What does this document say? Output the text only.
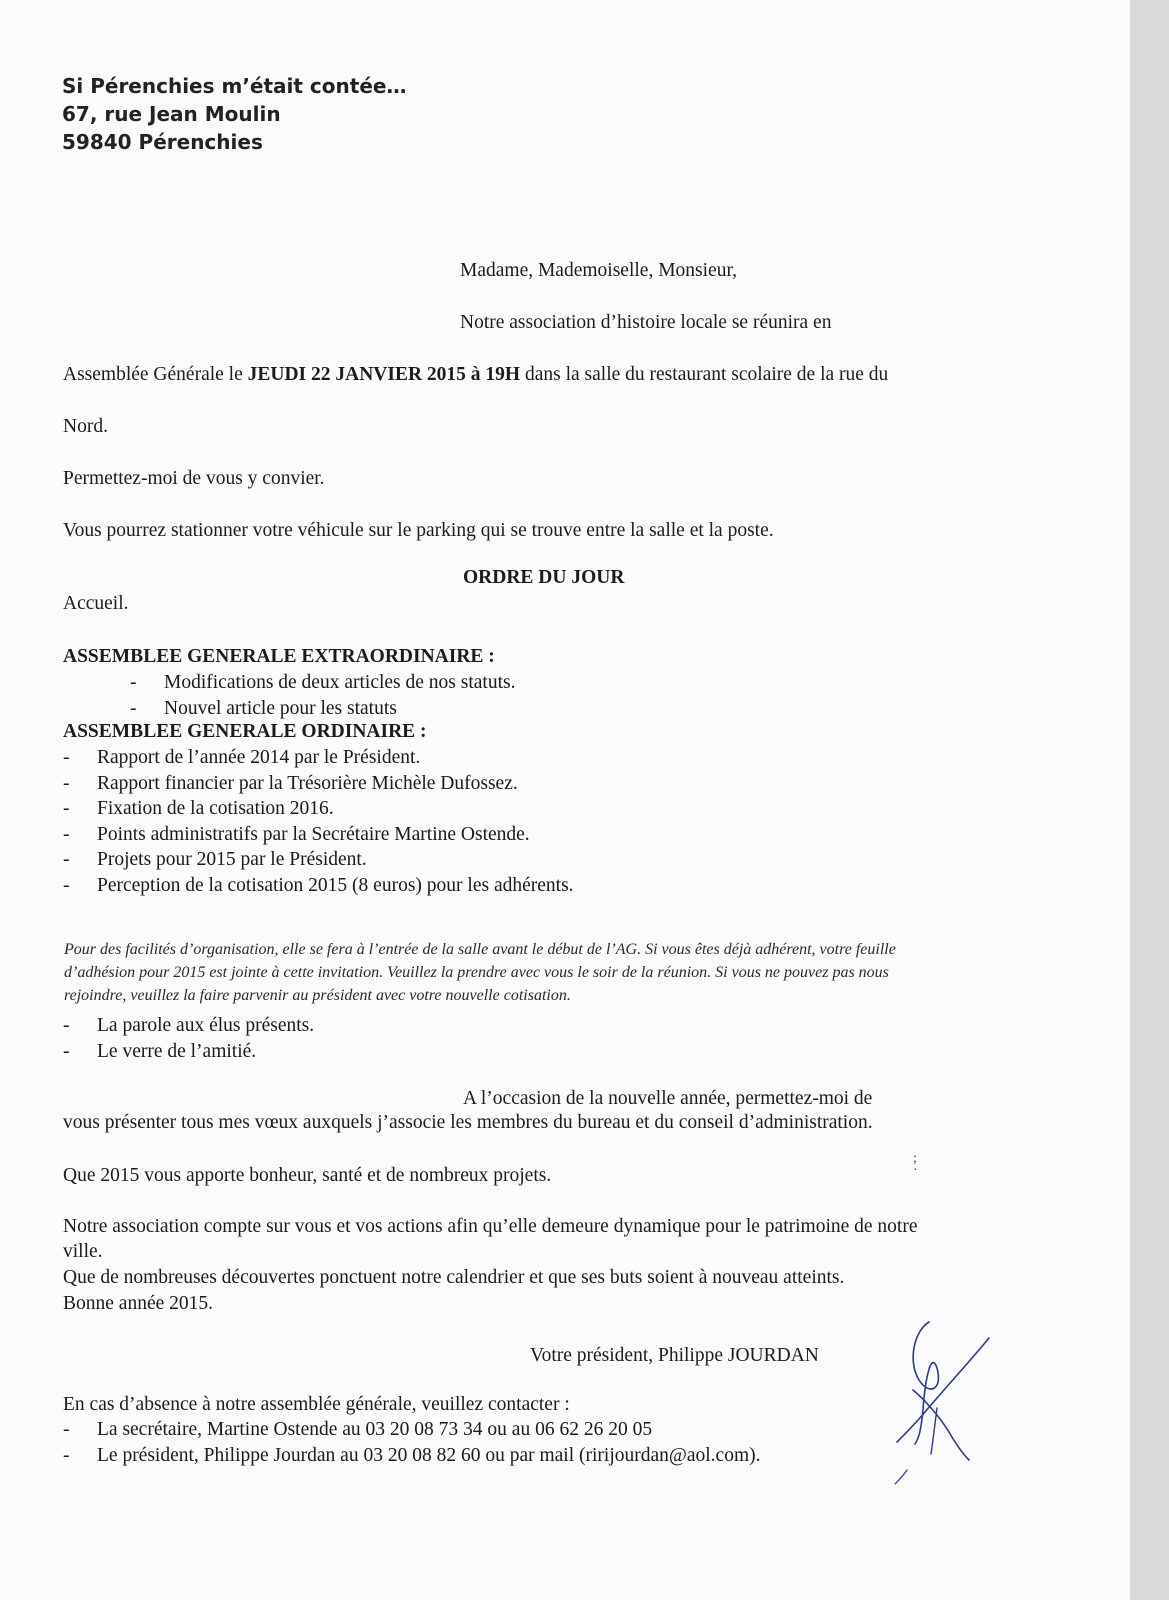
Si Pérenchies m’était contée…
67, rue Jean Moulin
59840 Pérenchies
Madame, Mademoiselle, Monsieur,
Notre association d’histoire locale se réunira en
Assemblée Générale le JEUDI 22 JANVIER 2015 à 19H dans la salle du restaurant scolaire de la rue du
Nord.
Permettez-moi de vous y convier.
Vous pourrez stationner votre véhicule sur le parking qui se trouve entre la salle et la poste.
ORDRE DU JOUR
Accueil.
ASSEMBLEE GENERALE EXTRAORDINAIRE :
- Modifications de deux articles de nos statuts.
- Nouvel article pour les statuts
ASSEMBLEE GENERALE ORDINAIRE :
- Rapport de l’année 2014 par le Président.
- Rapport financier par la Trésorière Michèle Dufossez.
- Fixation de la cotisation 2016.
- Points administratifs par la Secrétaire Martine Ostende.
- Projets pour 2015 par le Président.
- Perception de la cotisation 2015 (8 euros) pour les adhérents.
Pour des facilités d’organisation, elle se fera à l’entrée de la salle avant le début de l’AG. Si vous êtes déjà adhérent, votre feuille
d’adhésion pour 2015 est jointe à cette invitation. Veuillez la prendre avec vous le soir de la réunion. Si vous ne pouvez pas nous
rejoindre, veuillez la faire parvenir au président avec votre nouvelle cotisation.
- La parole aux élus présents.
- Le verre de l’amitié.
A l’occasion de la nouvelle année, permettez-moi de
vous présenter tous mes vœux auxquels j’associe les membres du bureau et du conseil d’administration.
Que 2015 vous apporte bonheur, santé et de nombreux projets.
;
·
Notre association compte sur vous et vos actions afin qu’elle demeure dynamique pour le patrimoine de notre
ville.
Que de nombreuses découvertes ponctuent notre calendrier et que ses buts soient à nouveau atteints.
Bonne année 2015.
Votre président, Philippe JOURDAN
En cas d’absence à notre assemblée générale, veuillez contacter :
- La secrétaire, Martine Ostende au 03 20 08 73 34 ou au 06 62 26 20 05
- Le président, Philippe Jourdan au 03 20 08 82 60 ou par mail (ririjourdan@aol.com).
